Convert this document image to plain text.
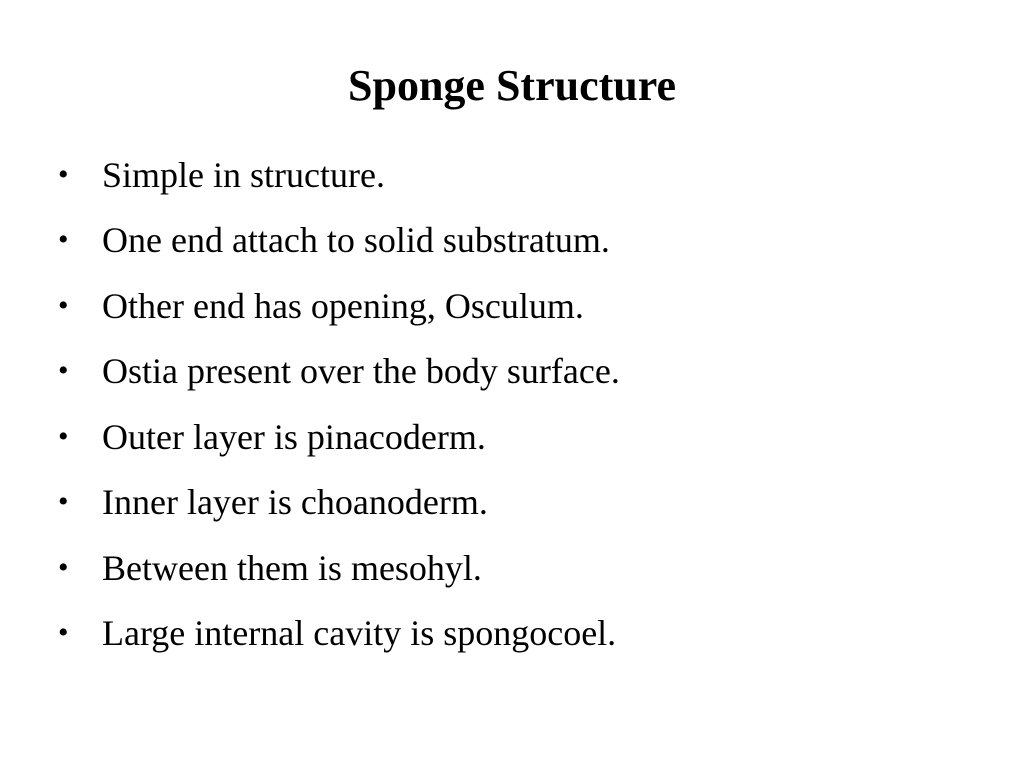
Sponge Structure
• Simple in structure.
• One end attach to solid substratum.
• Other end has opening, Osculum.
• Ostia present over the body surface.
• Outer layer is pinacoderm.
• Inner layer is choanoderm.
• Between them is mesohyl.
• Large internal cavity is spongocoel.
